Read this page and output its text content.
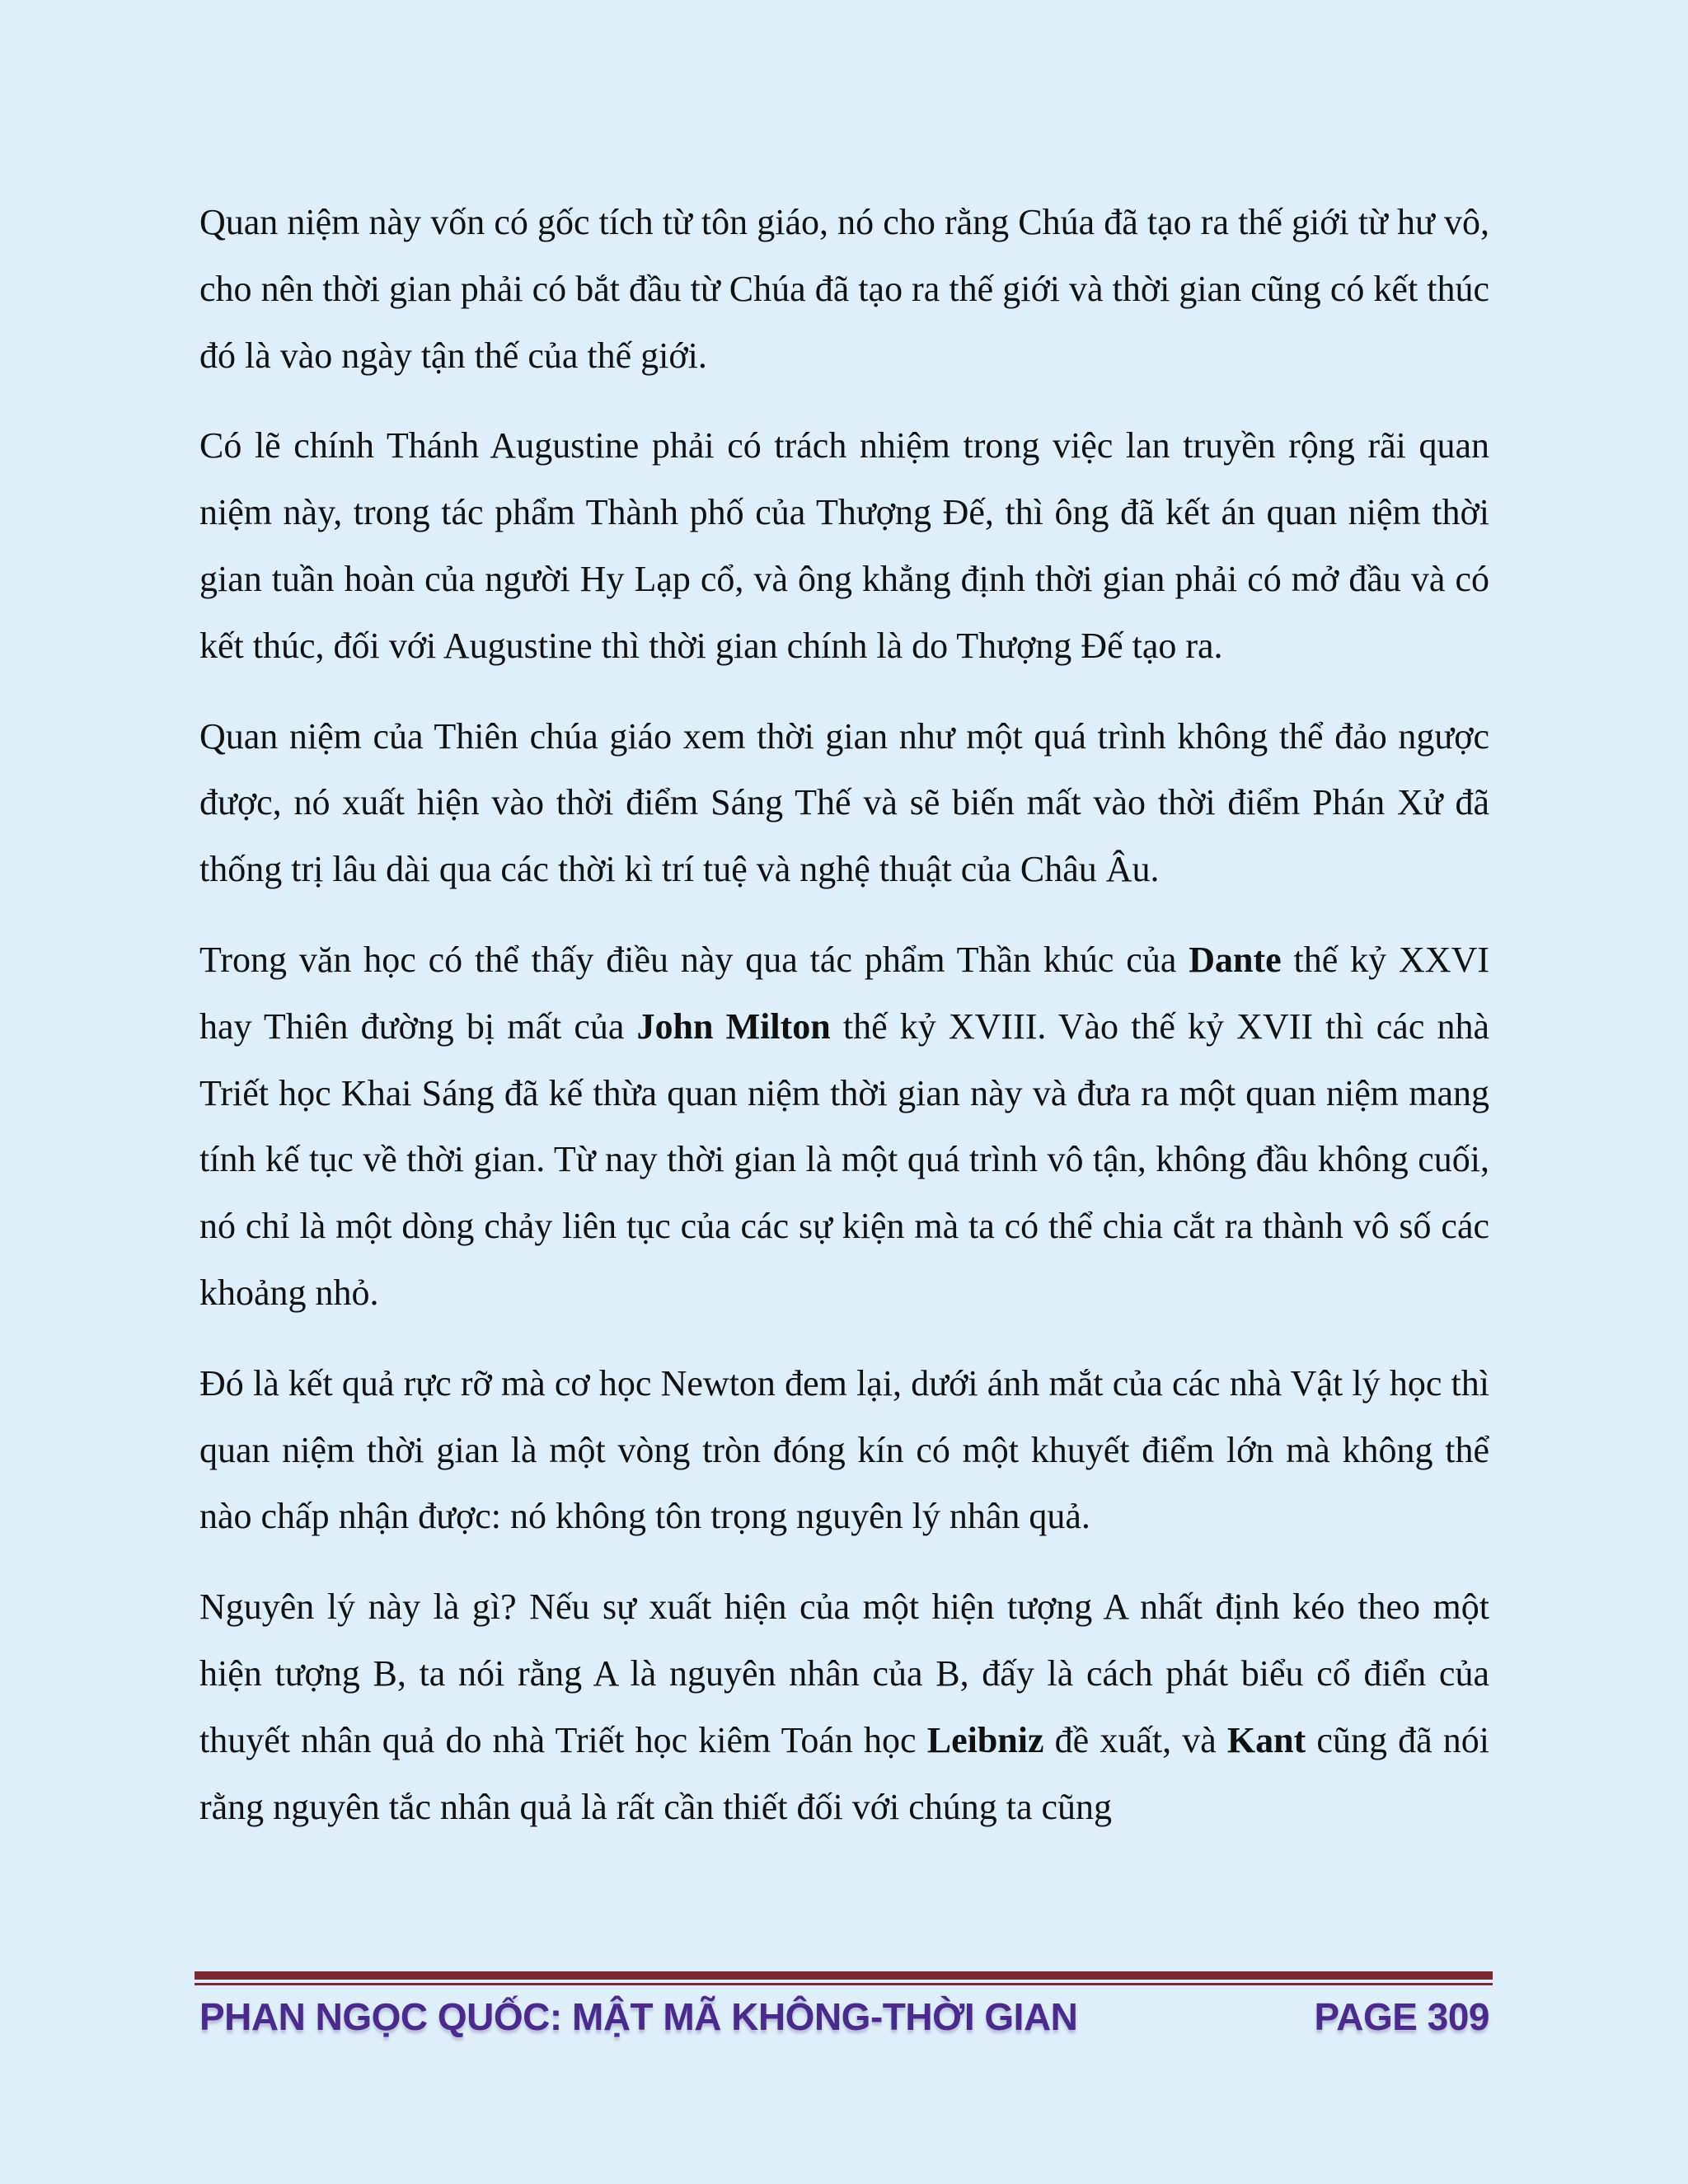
Quan niệm này vốn có gốc tích từ tôn giáo, nó cho rằng Chúa đã tạo ra thế giới từ hư vô, cho nên thời gian phải có bắt đầu từ Chúa đã tạo ra thế giới và thời gian cũng có kết thúc đó là vào ngày tận thế của thế giới.

Có lẽ chính Thánh Augustine phải có trách nhiệm trong việc lan truyền rộng rãi quan niệm này, trong tác phẩm Thành phố của Thượng Đế, thì ông đã kết án quan niệm thời gian tuần hoàn của người Hy Lạp cổ, và ông khẳng định thời gian phải có mở đầu và có kết thúc, đối với Augustine thì thời gian chính là do Thượng Đế tạo ra.

Quan niệm của Thiên chúa giáo xem thời gian như một quá trình không thể đảo ngược được, nó xuất hiện vào thời điểm Sáng Thế và sẽ biến mất vào thời điểm Phán Xử đã thống trị lâu dài qua các thời kì trí tuệ và nghệ thuật của Châu Âu.

Trong văn học có thể thấy điều này qua tác phẩm Thần khúc của Dante thế kỷ XXVI hay Thiên đường bị mất của John Milton thế kỷ XVIII. Vào thế kỷ XVII thì các nhà Triết học Khai Sáng đã kế thừa quan niệm thời gian này và đưa ra một quan niệm mang tính kế tục về thời gian. Từ nay thời gian là một quá trình vô tận, không đầu không cuối, nó chỉ là một dòng chảy liên tục của các sự kiện mà ta có thể chia cắt ra thành vô số các khoảng nhỏ.

Đó là kết quả rực rỡ mà cơ học Newton đem lại, dưới ánh mắt của các nhà Vật lý học thì quan niệm thời gian là một vòng tròn đóng kín có một khuyết điểm lớn mà không thể nào chấp nhận được: nó không tôn trọng nguyên lý nhân quả.

Nguyên lý này là gì? Nếu sự xuất hiện của một hiện tượng A nhất định kéo theo một hiện tượng B, ta nói rằng A là nguyên nhân của B, đấy là cách phát biểu cổ điển của thuyết nhân quả do nhà Triết học kiêm Toán học Leibniz đề xuất, và Kant cũng đã nói rằng nguyên tắc nhân quả là rất cần thiết đối với chúng ta cũng

PHAN NGỌC QUỐC: MẬT MÃ KHÔNG-THỜI GIAN	PAGE 309
